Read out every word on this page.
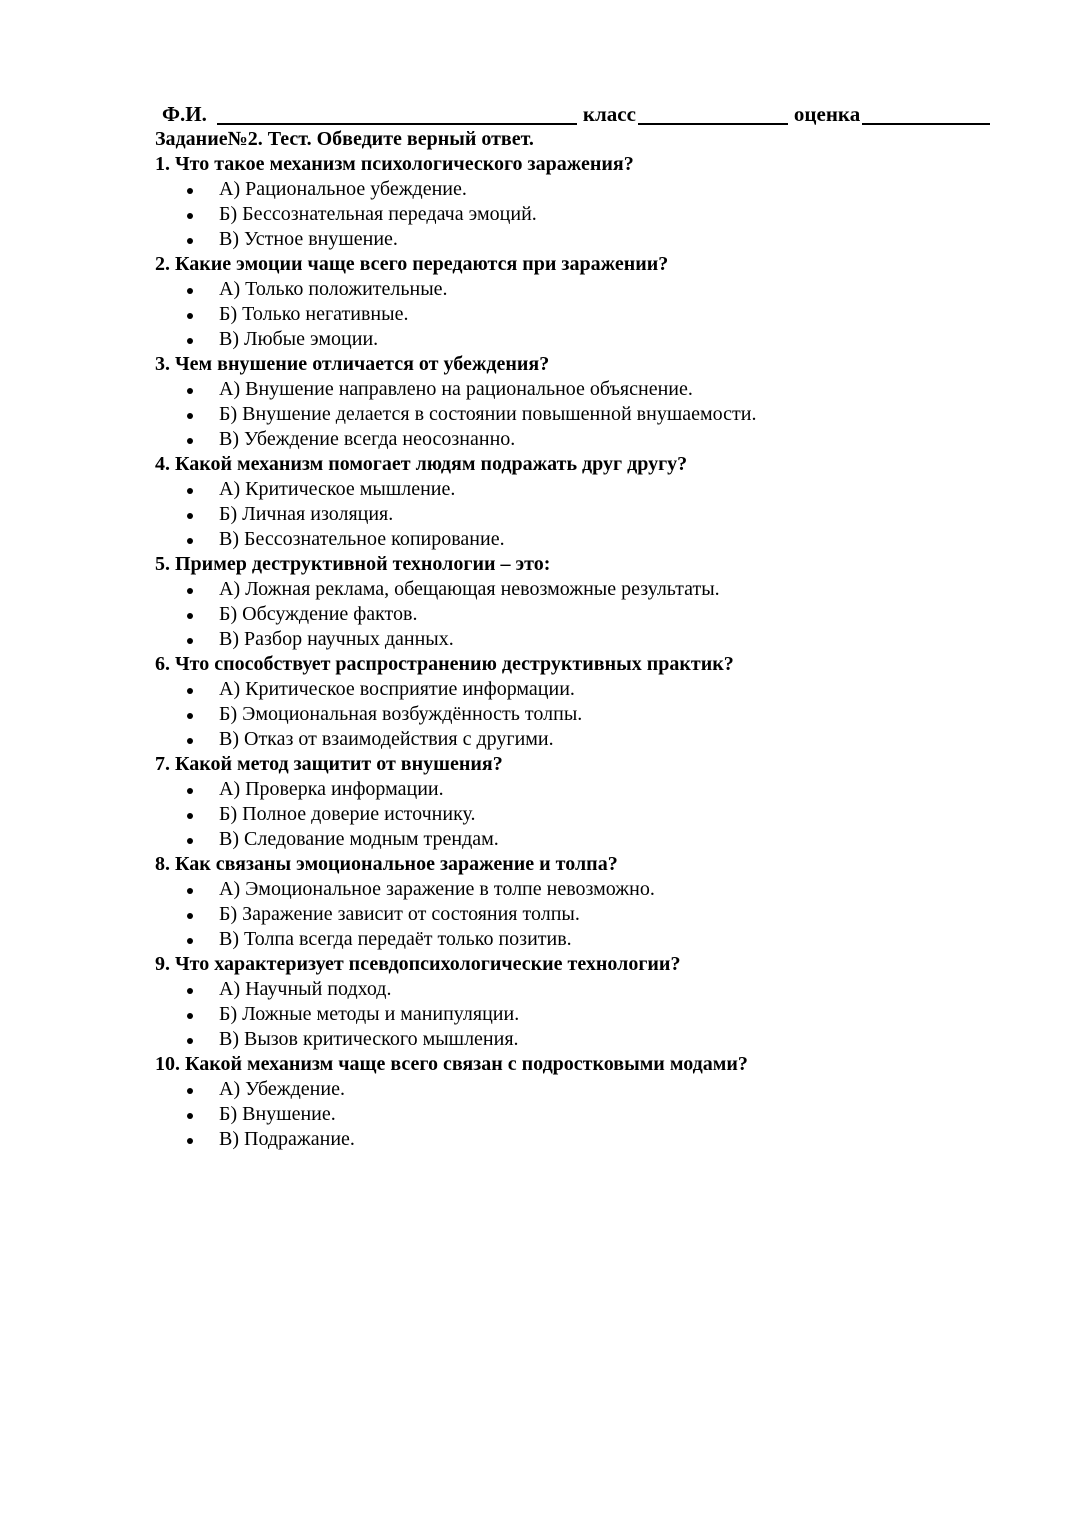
Ф.И.	класс	оценка
Задание№2. Тест. Обведите верный ответ.
1. Что такое механизм психологического заражения?
А) Рациональное убеждение.
Б) Бессознательная передача эмоций.
В) Устное внушение.
2. Какие эмоции чаще всего передаются при заражении?
А) Только положительные.
Б) Только негативные.
В) Любые эмоции.
3. Чем внушение отличается от убеждения?
А) Внушение направлено на рациональное объяснение.
Б) Внушение делается в состоянии повышенной внушаемости.
В) Убеждение всегда неосознанно.
4. Какой механизм помогает людям подражать друг другу?
А) Критическое мышление.
Б) Личная изоляция.
В) Бессознательное копирование.
5. Пример деструктивной технологии – это:
А) Ложная реклама, обещающая невозможные результаты.
Б) Обсуждение фактов.
В) Разбор научных данных.
6. Что способствует распространению деструктивных практик?
А) Критическое восприятие информации.
Б) Эмоциональная возбуждённость толпы.
В) Отказ от взаимодействия с другими.
7. Какой метод защитит от внушения?
А) Проверка информации.
Б) Полное доверие источнику.
В) Следование модным трендам.
8. Как связаны эмоциональное заражение и толпа?
А) Эмоциональное заражение в толпе невозможно.
Б) Заражение зависит от состояния толпы.
В) Толпа всегда передаёт только позитив.
9. Что характеризует псевдопсихологические технологии?
А) Научный подход.
Б) Ложные методы и манипуляции.
В) Вызов критического мышления.
10. Какой механизм чаще всего связан с подростковыми модами?
А) Убеждение.
Б) Внушение.
В) Подражание.
